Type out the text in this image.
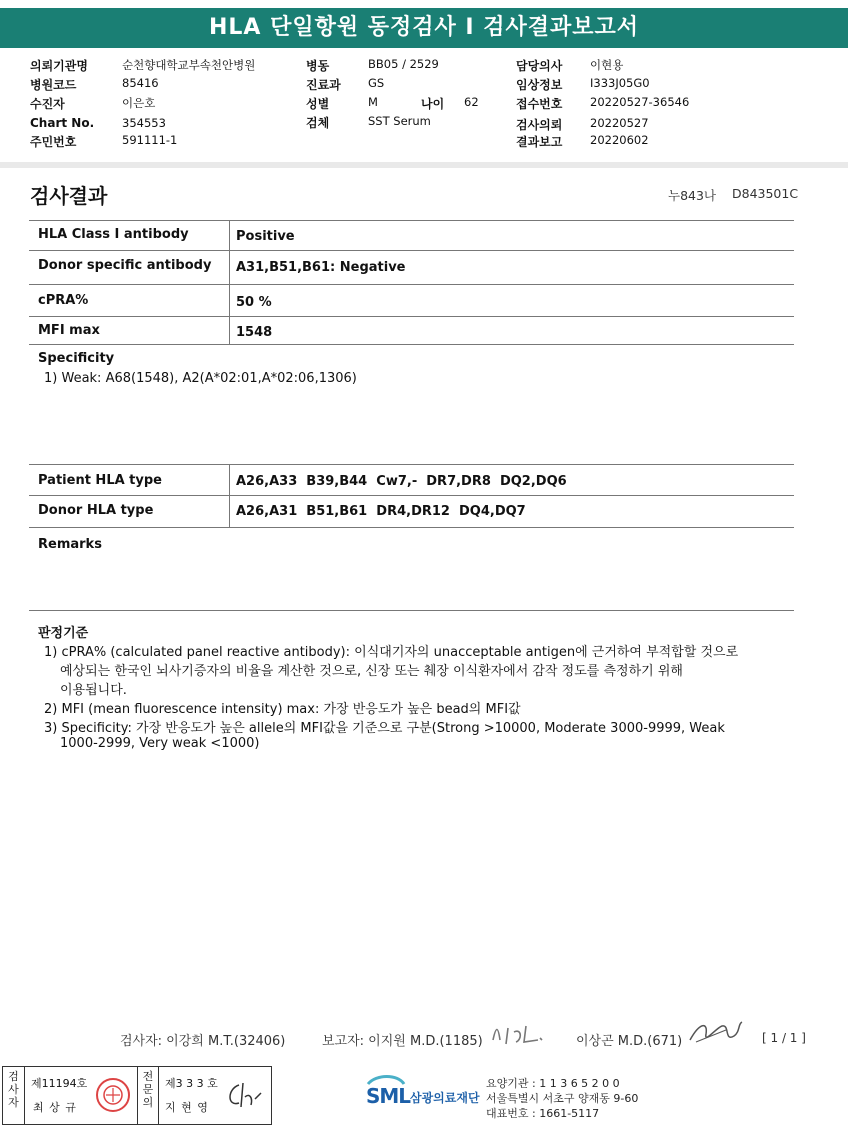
HLA 단일항원 동정검사 I 검사결과보고서
의뢰기관명	순천향대학교부속천안병원
병원코드	85416
수진자	이은호
Chart No. 354553
주민번호	591111-1
병동	BB05 / 2529
진료과 GS
성별	M	나이 62
검체	SST Serum
담당의사 이현용
임상정보 I333J05G0
접수번호 20220527-36546
검사의뢰 20220527
결과보고 20220602
검사결과	누843나 D843501C
HLA Class I antibody	Positive
Donor specific antibody A31,B51,B61: Negative
cPRA%	50 %
MFI max	1548
Specificity
1) Weak: A68(1548), A2(A*02:01,A*02:06,1306)
Patient HLA type	A26,A33  B39,B44  Cw7,-  DR7,DR8  DQ2,DQ6
Donor HLA type	A26,A31  B51,B61  DR4,DR12  DQ4,DQ7
Remarks
판정기준
1) cPRA% (calculated panel reactive antibody): 이식대기자의 unacceptable antigen에 근거하여 부적합할 것으로
예상되는 한국인 뇌사기증자의 비율을 계산한 것으로, 신장 또는 췌장 이식환자에서 감작 정도를 측정하기 위해
이용됩니다.
2) MFI (mean fluorescence intensity) max: 가장 반응도가 높은 bead의 MFI값
3) Specificity: 가장 반응도가 높은 allele의 MFI값을 기준으로 구분(Strong >10000, Moderate 3000-9999, Weak
1000-2999, Very weak <1000)
검사자: 이강희 M.T.(32406)	보고자: 이지원 M.D.(1185)	이상곤 M.D.(671)	[ 1 / 1 ]
검사자
제11194호
최 상 규
전문의
제3 3 3 호
지 현 영	SML 삼광의료재단
요양기관 : 1 1 3 6 5 2 0 0
서울특별시 서초구 양재동 9-60
대표번호 : 1661-5117
